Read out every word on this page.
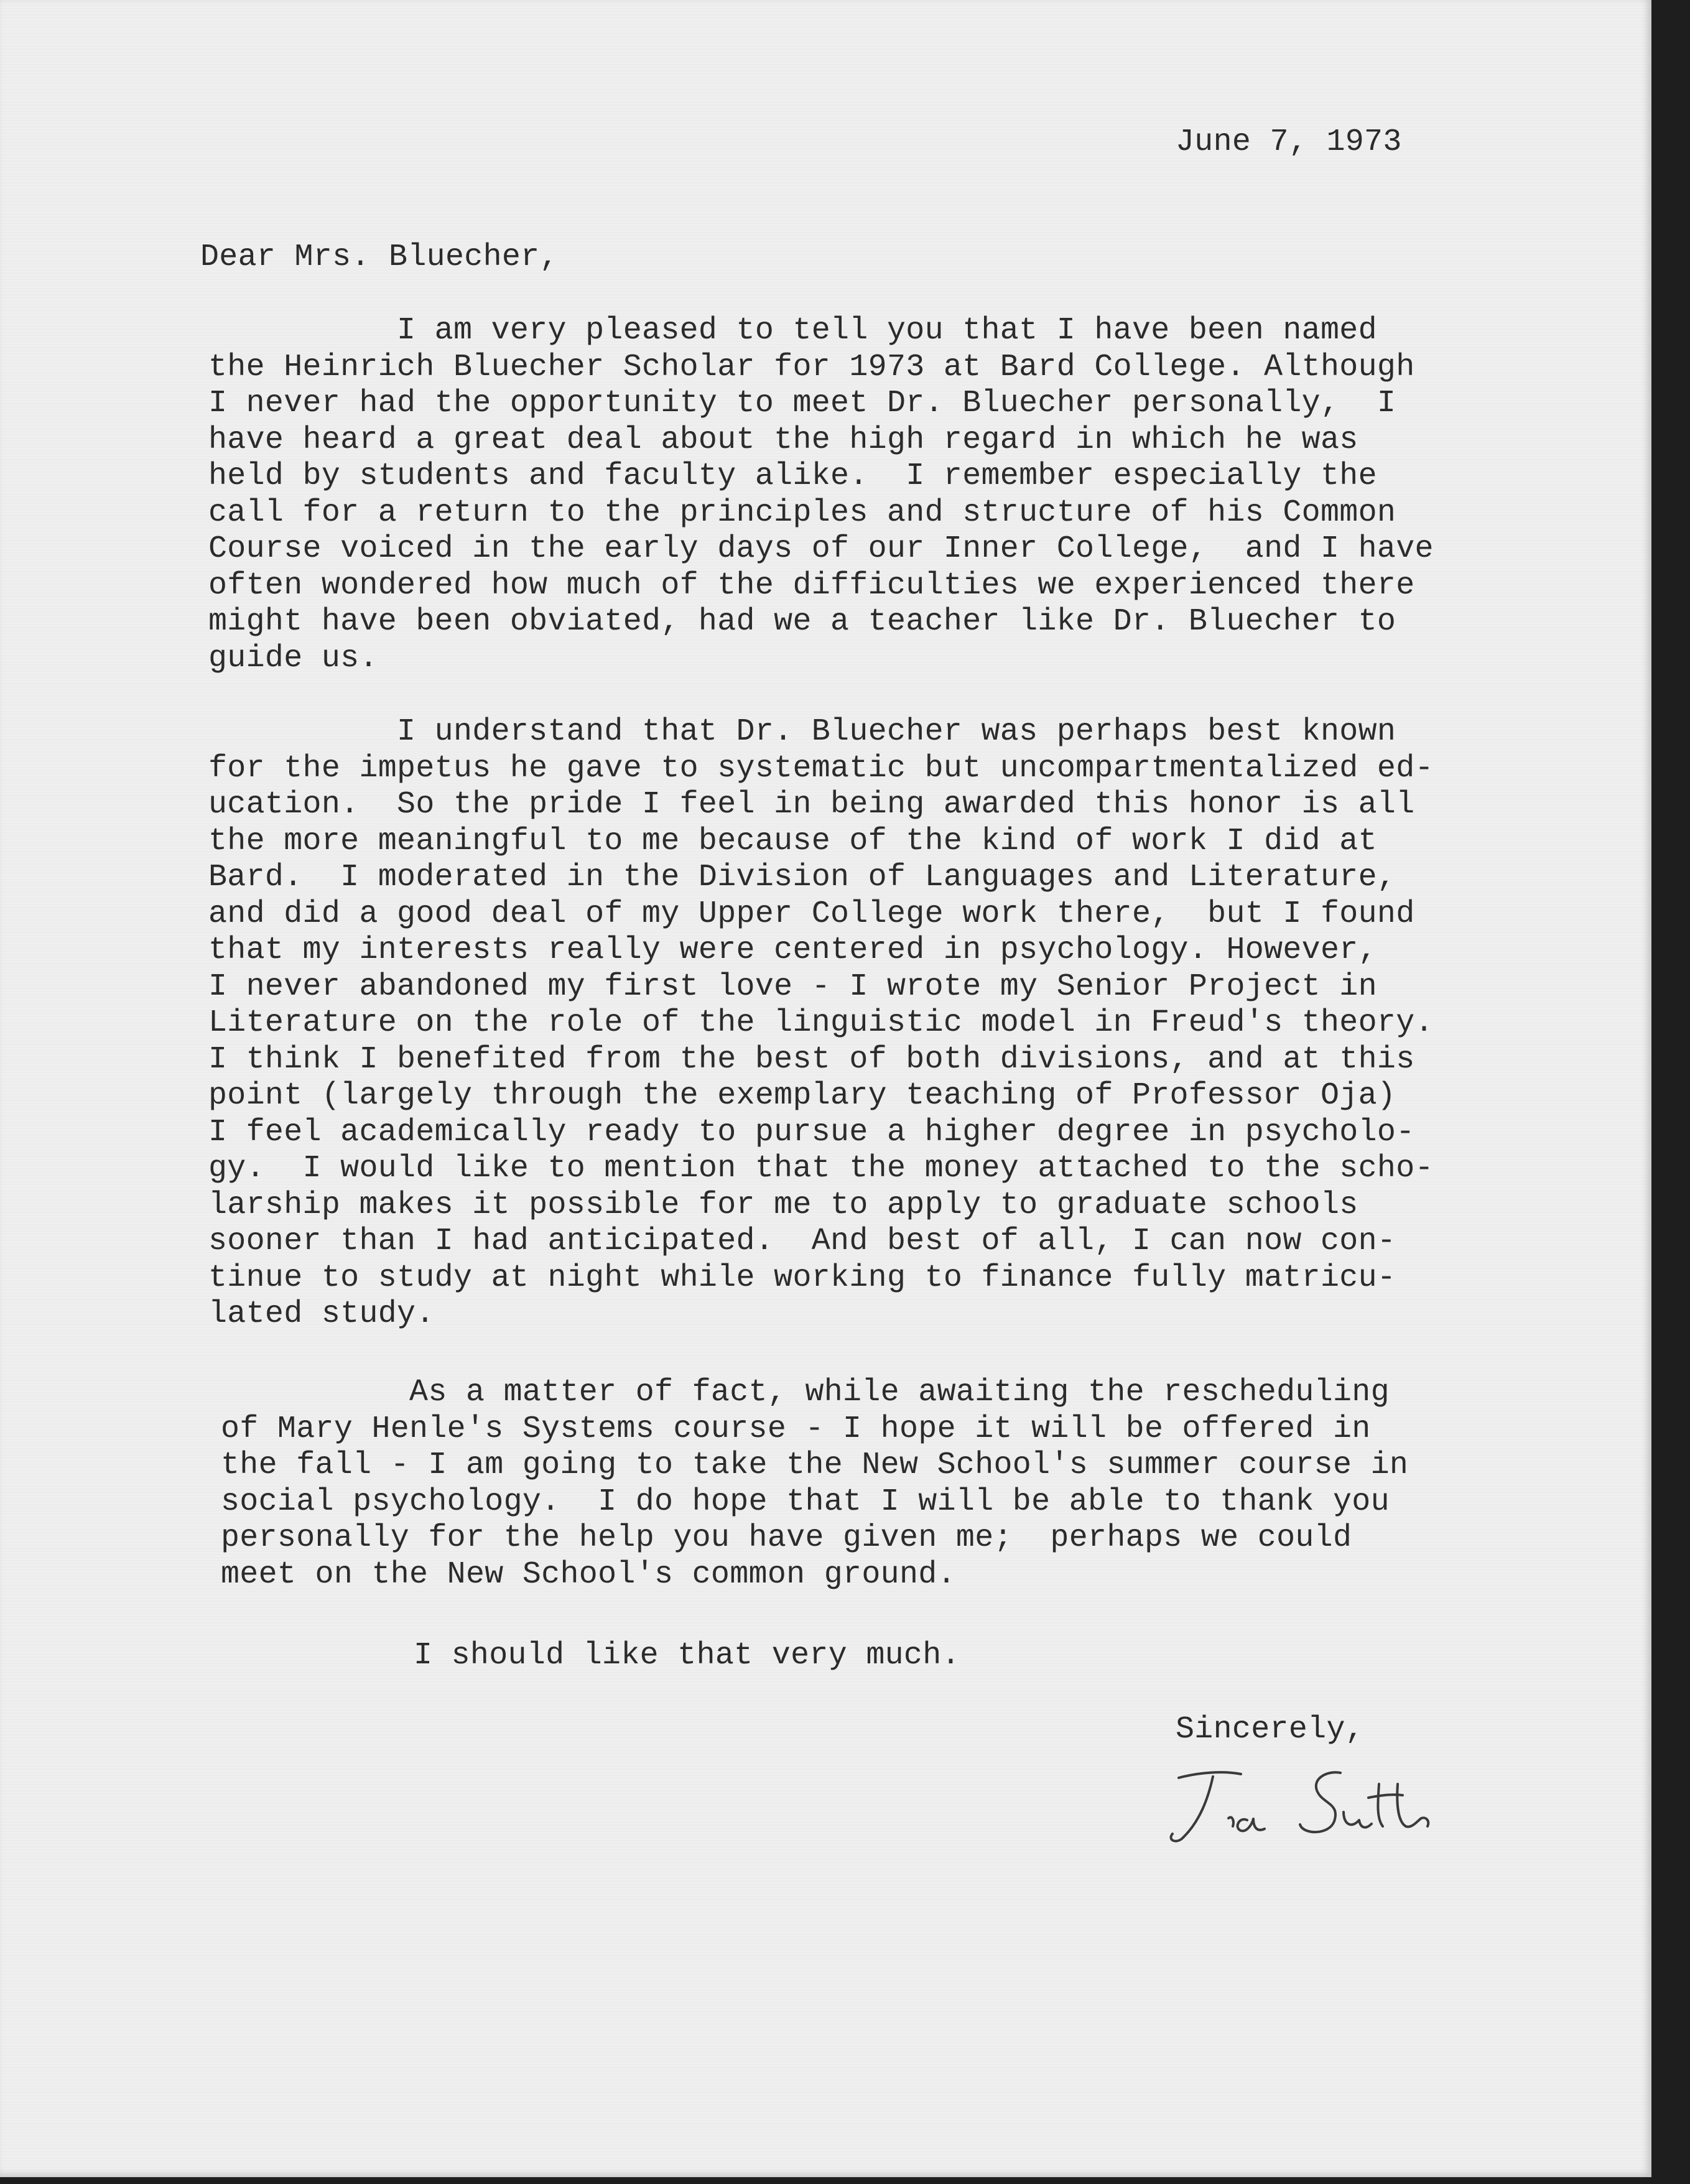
June 7, 1973

Dear Mrs. Bluecher,

I am very pleased to tell you that I have been named
the Heinrich Bluecher Scholar for 1973 at Bard College. Although
I never had the opportunity to meet Dr. Bluecher personally,  I
have heard a great deal about the high regard in which he was
held by students and faculty alike.  I remember especially the
call for a return to the principles and structure of his Common
Course voiced in the early days of our Inner College,  and I have
often wondered how much of the difficulties we experienced there
might have been obviated, had we a teacher like Dr. Bluecher to
guide us.

I understand that Dr. Bluecher was perhaps best known
for the impetus he gave to systematic but uncompartmentalized ed-
ucation.  So the pride I feel in being awarded this honor is all
the more meaningful to me because of the kind of work I did at
Bard.  I moderated in the Division of Languages and Literature,
and did a good deal of my Upper College work there,  but I found
that my interests really were centered in psychology. However,
I never abandoned my first love - I wrote my Senior Project in
Literature on the role of the linguistic model in Freud's theory.
I think I benefited from the best of both divisions, and at this
point (largely through the exemplary teaching of Professor Oja)
I feel academically ready to pursue a higher degree in psycholo-
gy.  I would like to mention that the money attached to the scho-
larship makes it possible for me to apply to graduate schools
sooner than I had anticipated.  And best of all, I can now con-
tinue to study at night while working to finance fully matricu-
lated study.

As a matter of fact, while awaiting the rescheduling
of Mary Henle's Systems course - I hope it will be offered in
the fall - I am going to take the New School's summer course in
social psychology.  I do hope that I will be able to thank you
personally for the help you have given me;  perhaps we could
meet on the New School's common ground.

I should like that very much.

Sincerely,
